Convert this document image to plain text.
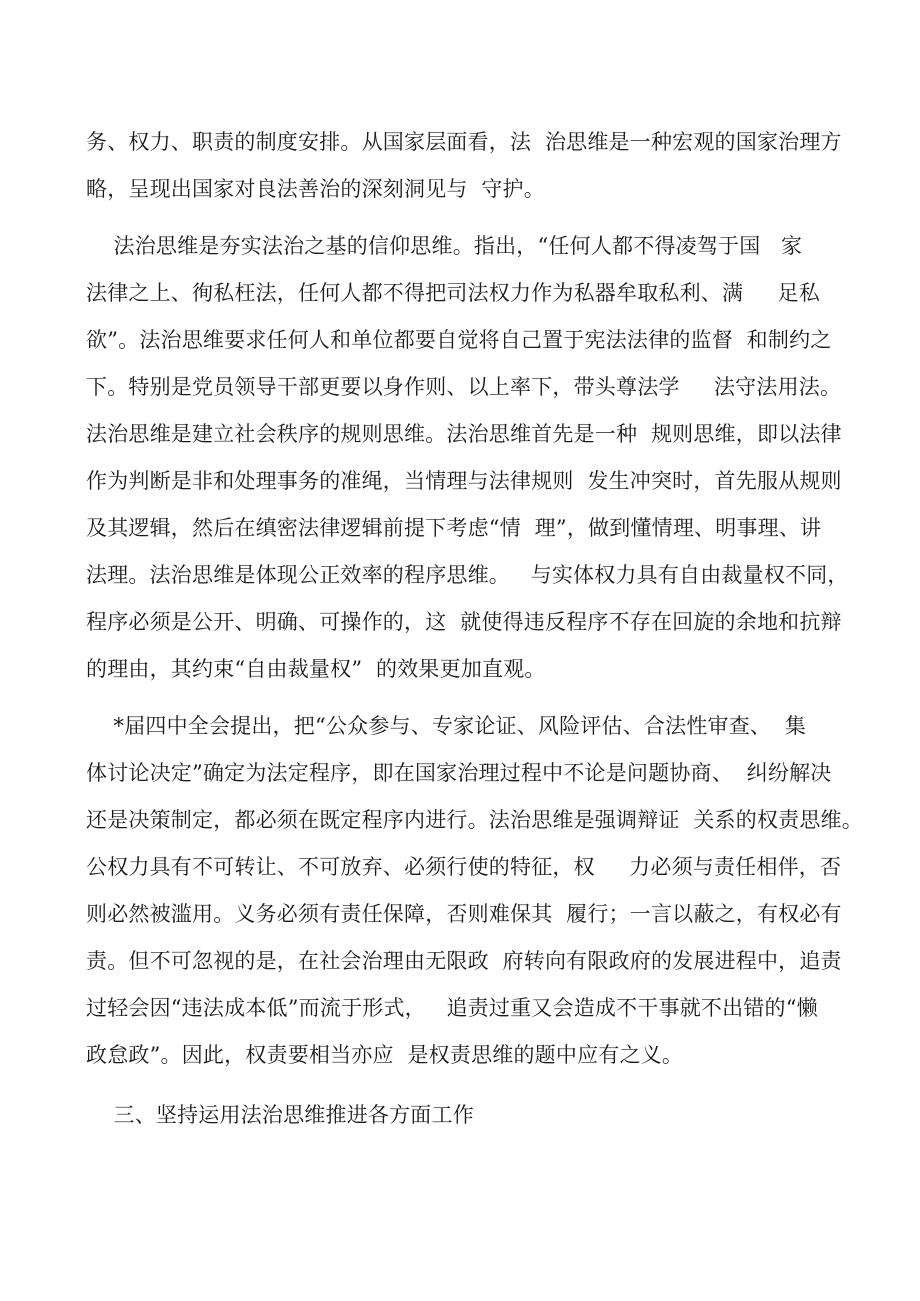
务、权力、职责的制度安排。从国家层面看，法  治思维是一种宏观的国家治理方
略，呈现出国家对良法善治的深刻洞见与  守护。
法治思维是夯实法治之基的信仰思维。指出，“任何人都不得凌驾于国   家
法律之上、徇私枉法，任何人都不得把司法权力作为私器牟取私利、满     足私
欲”。法治思维要求任何人和单位都要自觉将自己置于宪法法律的监督  和制约之
下。特别是党员领导干部更要以身作则、以上率下，带头尊法学     法守法用法。
法治思维是建立社会秩序的规则思维。法治思维首先是一种  规则思维，即以法律
作为判断是非和处理事务的准绳，当情理与法律规则  发生冲突时，首先服从规则
及其逻辑，然后在缜密法律逻辑前提下考虑“情  理”，做到懂情理、明事理、讲
法理。法治思维是体现公正效率的程序思维。   与实体权力具有自由裁量权不同，
程序必须是公开、明确、可操作的，这  就使得违反程序不存在回旋的余地和抗辩
的理由，其约束“自由裁量权”  的效果更加直观。
*届四中全会提出，把“公众参与、专家论证、风险评估、合法性审查、  集
体讨论决定”确定为法定程序，即在国家治理过程中不论是问题协商、  纠纷解决
还是决策制定，都必须在既定程序内进行。法治思维是强调辩证  关系的权责思维。
公权力具有不可转让、不可放弃、必须行使的特征，权     力必须与责任相伴，否
则必然被滥用。义务必须有责任保障，否则难保其  履行；一言以蔽之，有权必有
责。但不可忽视的是，在社会治理由无限政  府转向有限政府的发展进程中，追责
过轻会因“违法成本低”而流于形式，   追责过重又会造成不干事就不出错的“懒
政怠政”。因此，权责要相当亦应  是权责思维的题中应有之义。
三、坚持运用法治思维推进各方面工作
